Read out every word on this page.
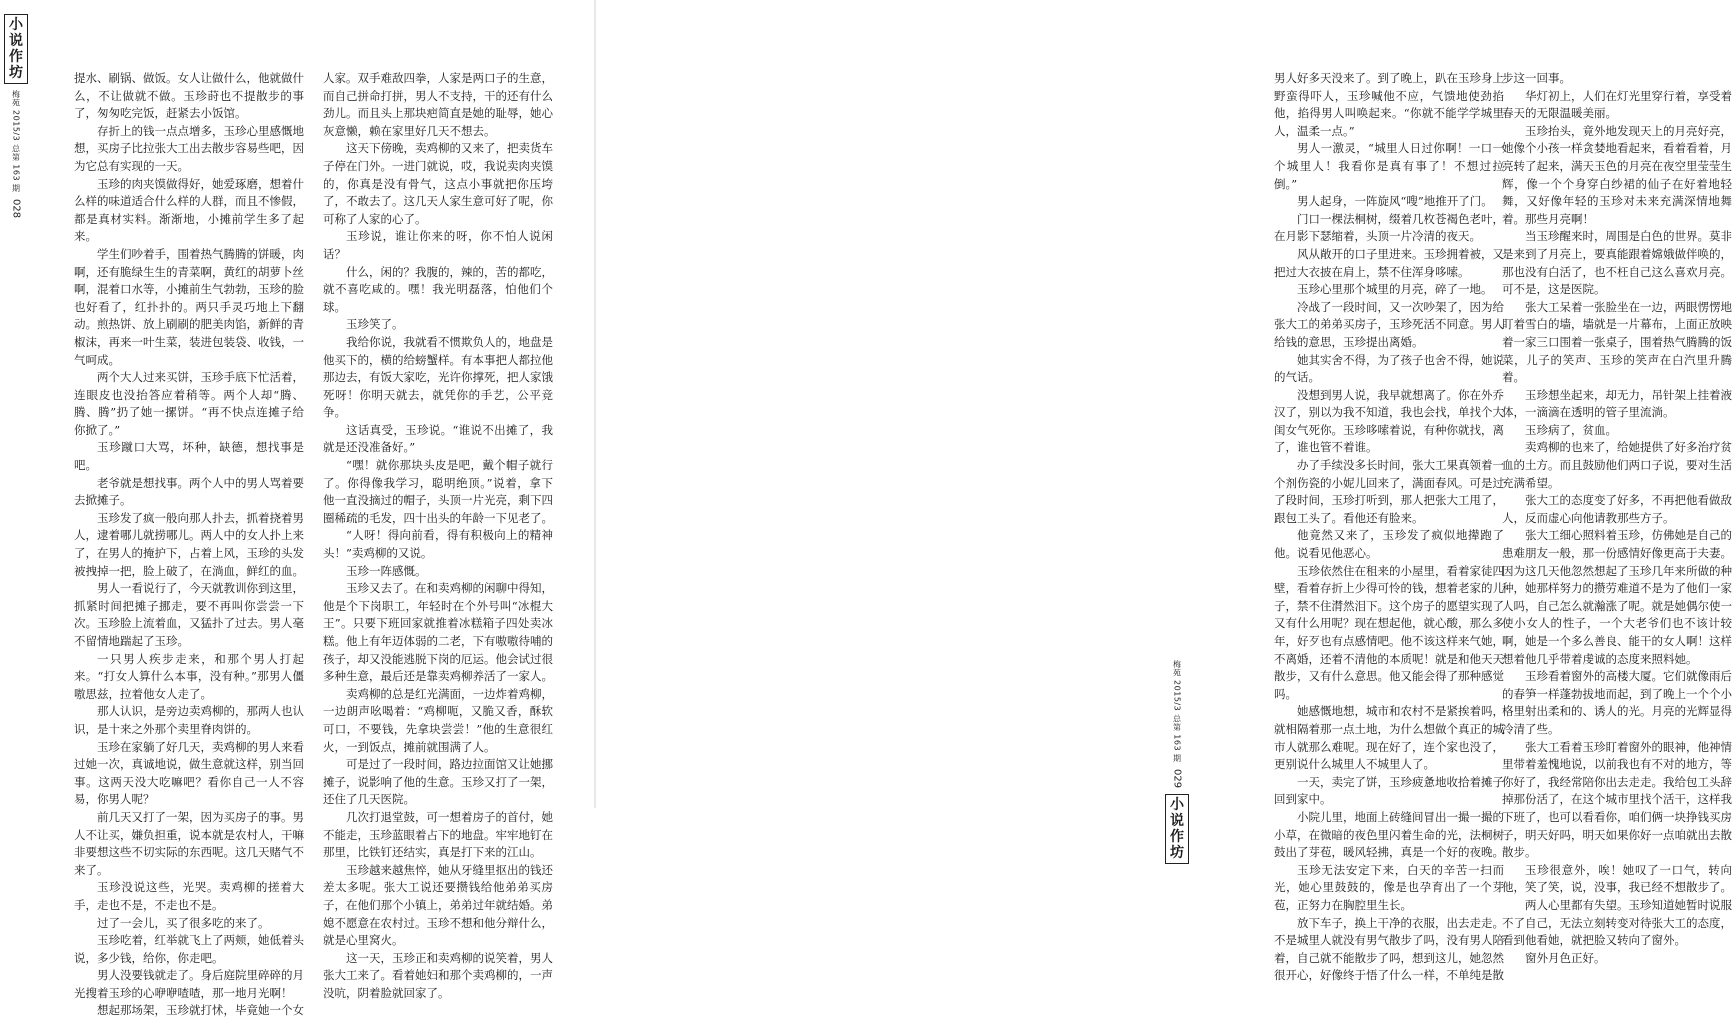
小
说
作
坊
梅苑 2015/3 总第 163 期
028

提水、刷锅、做饭。女人让做什么，他就做什么，不让做就不做。玉珍莳也不提散步的事了，匆匆吃完饭，赶紧去小饭馆。

存折上的钱一点点增多，玉珍心里感慨地想，买房子比拉张大工出去散步容易些吧，因为它总有实现的一天。

玉珍的肉夹馍做得好，她爱琢磨，想着什么样的味道适合什么样的人群，而且不惨假，都是真材实料。渐渐地，小摊前学生多了起来。

学生们吵着手，围着热气腾腾的饼暖，肉啊，还有脆绿生生的青菜啊，黄红的胡萝卜丝啊，混着口水等，小摊前生气勃勃，玉珍的脸也好看了，红扑扑的。两只手灵巧地上下翻动。煎热饼、放上刷刷的肥美肉馅，新鲜的青椒沫，再来一叶生菜，装进包装袋、收钱，一气呵成。

两个大人过来买饼，玉珍手底下忙活着，连眼皮也没抬答应着稍等。两个人却“腾、腾、腾”扔了她一摞饼。“再不快点连摊子给你掀了。”

玉珍蹴口大骂，坏种，缺德，想找事是吧。

老爷就是想找事。两个人中的男人骂着要去掀摊子。

玉珍发了疯一般向那人扑去，抓着挠着男人，逮着哪儿就捞哪儿。两人中的女人扑上来了，在男人的掩护下，占着上风，玉珍的头发被拽掉一把，脸上破了，在淌血，鲜红的血。

男人一看说行了，今天就教训你到这里，抓紧时间把摊子挪走，要不再叫你尝尝一下次。玉珍脸上流着血，又猛扑了过去。男人毫不留情地踹起了玉珍。

一只男人疾步走来，和那个男人打起来。“打女人算什么本事，没有种。”那男人僵嗷思兹，拉着他女人走了。

那人认识，是旁边卖鸡柳的，那两人也认识，是十来之外那个卖里脊肉饼的。

玉珍在家躺了好几天，卖鸡柳的男人来看过她一次，真诚地说，做生意就这样，别当回事。这两天没大吃嘛吧？看你自己一人不容易，你男人呢？

前几天又打了一架，因为买房子的事。男人不让买，嫌负担重，说本就是农村人，干嘛非要想这些不切实际的东西呢。这几天赌气不来了。

玉珍没说这些，光哭。卖鸡柳的搓着大手，走也不是，不走也不是。

过了一会儿，买了很多吃的来了。

玉珍吃着，红举就飞上了两颊，她低着头说，多少钱，给你，你走吧。

男人没要钱就走了。身后庭院里碎碎的月光搜着玉珍的心咿咿喳喳，那一地月光啊！

想起那场架，玉珍就打怵，毕竟她一个女

人家。双手难敌四拳，人家是两口子的生意，而自己拼命打拼，男人不支持，干的还有什么劲儿。而且头上那块疤简直是她的耻辱，她心灰意懒，赖在家里好几天不想去。

这天下傍晚，卖鸡柳的又来了，把卖货车子停在门外。一进门就说，哎，我说卖肉夹馍的，你真是没有骨气，这点小事就把你压垮了，不敢去了。这几天人家生意可好了呢，你可称了人家的心了。

玉珍说，谁让你来的呀，你不怕人说闲话？

什么，闲的？我腹的，辣的，苦的都吃，就不喜吃咸的。嘿！我光明磊落，怕他们个球。

玉珍笑了。

我给你说，我就看不惯欺负人的，地盘是他买下的，横的给螃蟹样。有本事把人都拉他那边去，有饭大家吃，光许你撑死，把人家饿死呀！你明天就去，就凭你的手艺，公平竞争。

这话真受，玉珍说。“谁说不出摊了，我就是还没准备好。”

“嘿！就你那块头皮是吧，戴个帽子就行了。你得像我学习，聪明绝顶。”说着，拿下他一直没摘过的帽子，头顶一片光亮，剩下四圈稀疏的毛发，四十出头的年龄一下见老了。

“人呀！得向前看，得有积极向上的精神头！”卖鸡柳的又说。

玉珍一阵感慨。

玉珍又去了。在和卖鸡柳的闲聊中得知，他是个下岗职工，年轻时在个外号叫“冰棍大王”。只要下班回家就推着冰糕箱子四处卖冰糕。他上有年迈体弱的二老，下有嗷嗷待哺的孩子，却又没能逃脱下岗的厄运。他会试过很多种生意，最后还是靠卖鸡柳养活了一家人。

卖鸡柳的总是红光满面，一边炸着鸡柳，一边朗声吆喝着：“鸡柳呃，又脆又香，酥软可口，不要钱，先拿块尝尝！”他的生意很红火，一到饭点，摊前就围满了人。

可是过了一段时间，路边拉面馆又让她挪摊子，说影响了他的生意。玉珍又打了一架，还住了几天医院。

几次打退堂鼓，可一想着房子的首付，她不能走，玉珍蓝眼着占下的地盘。牢牢地钉在那里，比铁钉还结实，真是打下来的江山。

玉珍越来越焦悴，她从牙缝里抠出的钱还差太多呢。张大工说还要攒钱给他弟弟买房子，在他们那个小镇上，弟弟过年就结婚。弟媳不愿意在农村过。玉珍不想和他分辩什么，就是心里窝火。

这一天，玉珍正和卖鸡柳的说笑着，男人张大工来了。看着她妇和那个卖鸡柳的，一声没吭，阴着脸就回家了。

男人好多天没来了。到了晚上，趴在玉珍身上野蛮得吓人，玉珍喊他不应，气馈地使劲掐他，掐得男人叫唤起来。“你就不能学学城里人，温柔一点。”

男人一激灵，“城里人日过你啊！一口一个城里人！我看你是真有事了！不想过拉倒。”

男人起身，一阵旋风“嗖”地推开了门。

门口一棵法桐树，缀着几枚苍褐色老叶，在月影下瑟缩着，头顶一片冷清的夜天。

风从敞开的口子里进来。玉珍拥着被，又把过大衣披在肩上，禁不住浑身哆嗦。

玉珍心里那个城里的月亮，碎了一地。

冷战了一段时间，又一次吵架了，因为给张大工的弟弟买房子，玉珍死活不同意。男人给钱的意思，玉珍提出离婚。

她其实舍不得，为了孩子也舍不得，她说的气话。

没想到男人说，我早就想离了。你在外乔汉了，别以为我不知道，我也会找，单找个大闺女气死你。玉珍哆嗦着说，有种你就找，离了，谁也管不着谁。

办了手续没多长时间，张大工果真领着一个剂伤瓷的小妮儿回来了，满面春风。可是过了段时间，玉珍打听到，那人把张大工甩了，跟包工头了。看他还有脸来。

他竟然又来了，玉珍发了疯似地撵跑了他。说看见他恶心。

玉珍依然住在租来的小屋里，看着家徒四壁，看着存折上少得可怜的钱，想着老家的儿子，禁不住潸然泪下。这个房子的愿望实现了又有什么用呢？现在想起他，就心酸，那么多年，好歹也有点感情吧。他不该这样来气她，不离婚，还着不清他的本质呢！就是和他天天散步，又有什么意思。他又能会得了那种感觉吗。

她感慨地想，城市和农村不是紧挨着吗，就相隔着那一点土地，为什么想做个真正的城市人就那么难呢。现在好了，连个家也没了，更别说什么城里人不城里人了。

一天，卖完了饼，玉珍疲惫地收拾着摊子回到家中。

小院儿里，地面上砖缝间冒出一撮一撮的小草，在微暗的夜色里闪着生命的光，法桐树鼓出了芽苞，暖风轻拂，真是一个好的夜晚。

玉珍无法安定下来，白天的辛苦一扫而光，她心里鼓鼓的，像是也孕育出了一个芽苞，正努力在胸腔里生长。

放下车子，换上干净的衣服，出去走走。不是城里人就没有男气散步了吗，没有男人陪着，自己就不能散步了吗，想到这儿，她忽然很开心，好像终于悟了什么一样，不单纯是散

步这一回事。

华灯初上，人们在灯光里穿行着，享受着春天的无限温暖美丽。

玉珍抬头，竟外地发现天上的月亮好亮，她像个小孩一样贪婪地看起来，看着看着，月亮转了起来，满天玉色的月亮在夜空里莹莹生辉，像一个个身穿白纱裙的仙子在好着地轻舞，又好像年轻的玉珍对未来充满深情地舞着。那些月亮啊！

当玉珍醒来时，周围是白色的世界。莫非是来到了月亮上，要真能跟着嫦娥做伴唤的，那也没有白活了，也不枉自己这么喜欢月亮。可不是，这是医院。

张大工呆着一张脸坐在一边，两眼愣愣地盯着雪白的墙，墙就是一片幕布，上面正放映着一家三口围着一张桌子，围着热气腾腾的饭菜，儿子的笑声、玉珍的笑声在白汽里升腾着。

玉珍想坐起来，却无力，吊针架上挂着液体，一滴滴在透明的管子里流淌。

玉珍病了，贫血。

卖鸡柳的也来了，给她提供了好多治疗贫血的土方。而且鼓励他们两口子说，要对生活充满希望。

张大工的态度变了好多，不再把他看做敌人，反而虚心向他请教那些方子。

张大工细心照料着玉珍，仿佛她是自己的患难朋友一般，那一份感情好像更高于夫妻。因为这几天他忽然想起了玉珍几年来所做的种种，她那样努力的攒劳难道不是为了他们一家人吗，自己怎么就瀚涨了呢。就是她偶尔使一使小女人的性子，一个大老爷们也不该计较啊，她是一个多么善良、能干的女人啊！这样想着他几乎带着虔诚的态度来照料她。

玉珍看着窗外的高楼大厦。它们就像雨后的春笋一样蓬勃拔地而起，到了晚上一个个小格里射出柔和的、诱人的光。月亮的光辉显得冷清了些。

张大工看着玉珍盯着窗外的眼神，他神情里带着羞愧地说，以前我也有不对的地方，等你好了，我经常陪你出去走走。我给包工头辞掉那份活了，在这个城市里找个活干，这样我下班了，也可以看看你，咱们俩一块挣钱买房子，明天好吗，明天如果你好一点咱就出去散散步。

玉珍很意外，唉！她叹了一口气，转向他，笑了笑，说，没事，我已经不想散步了。

两人心里都有失望。玉珍知道她暂时说服不了自己，无法立刻转变对待张大工的态度，看到他看她，就把脸又转向了窗外。

窗外月色正好。

梅苑 2015/3 总第 163 期
029
小
说
作
坊
